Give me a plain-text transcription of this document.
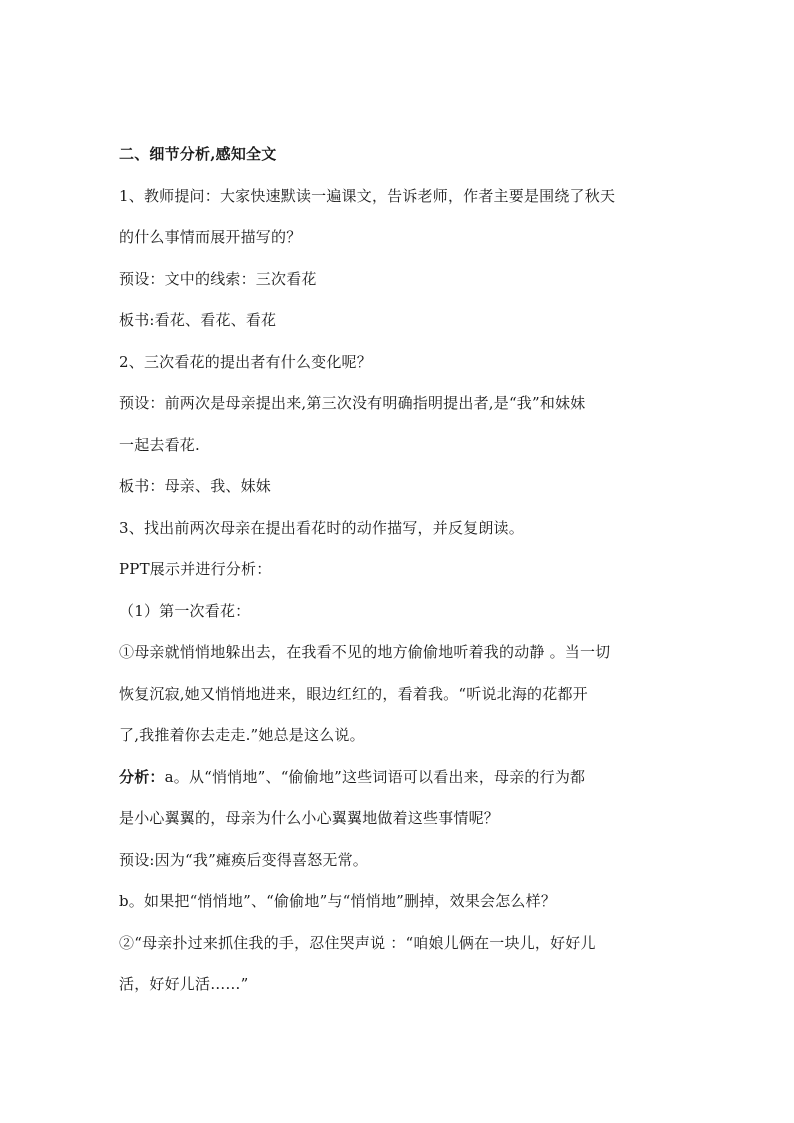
二、细节分析,感知全文
1、教师提问：大家快速默读一遍课文，告诉老师，作者主要是围绕了秋天
的什么事情而展开描写的？
预设：文中的线索：三次看花
板书:看花、看花、看花
2、三次看花的提出者有什么变化呢？
预设：前两次是母亲提出来,第三次没有明确指明提出者,是“我”和妹妹
一起去看花.
板书：母亲、我、妹妹
3、找出前两次母亲在提出看花时的动作描写，并反复朗读。
PPT展示并进行分析：
（1）第一次看花：
①母亲就悄悄地躲出去，在我看不见的地方偷偷地听着我的动静 。当一切
恢复沉寂,她又悄悄地进来，眼边红红的，看着我。“听说北海的花都开
了,我推着你去走走.”她总是这么说。
分析：a。从“悄悄地”、“偷偷地”这些词语可以看出来，母亲的行为都
是小心翼翼的，母亲为什么小心翼翼地做着这些事情呢？
预设:因为“我”瘫痪后变得喜怒无常。
b。如果把“悄悄地”、“偷偷地”与“悄悄地”删掉，效果会怎么样？
②“母亲扑过来抓住我的手，忍住哭声说 ：“咱娘儿俩在一块儿，好好儿
活，好好儿活……”
